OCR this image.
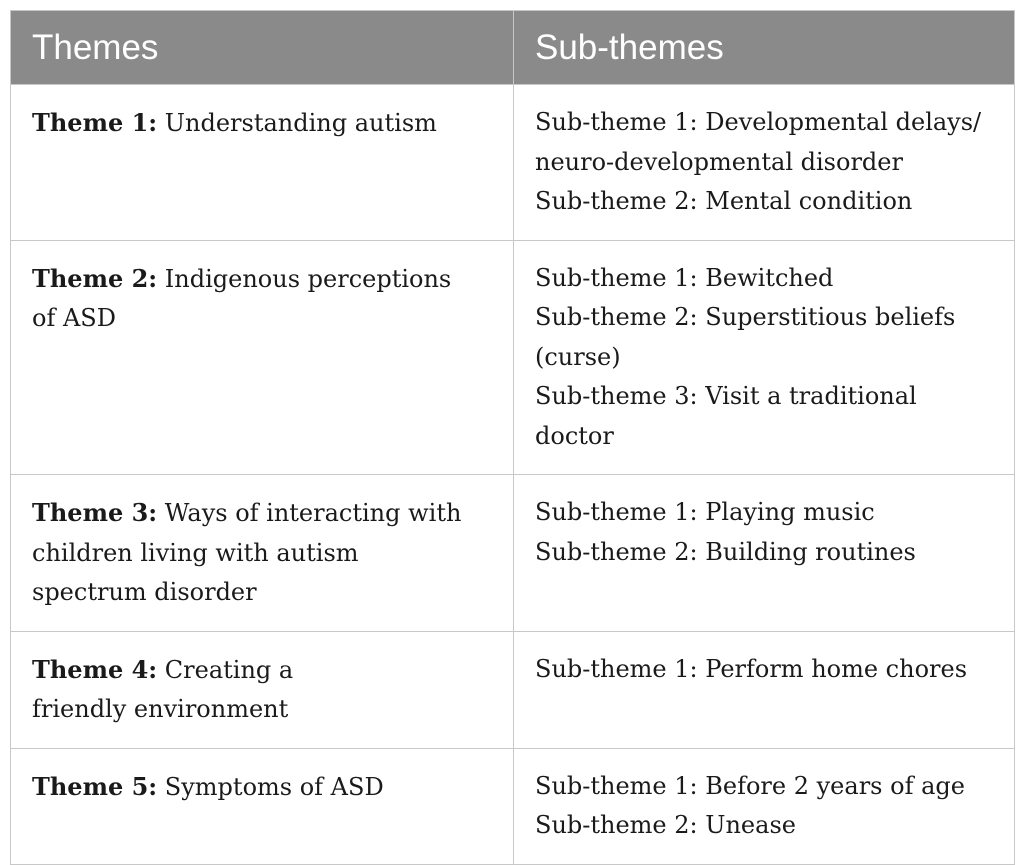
Themes	Sub-themes

Theme 1: Understanding autism	Sub-theme 1: Developmental delays/
neuro-developmental disorder
Sub-theme 2: Mental condition

Theme 2: Indigenous perceptions
of ASD	Sub-theme 1: Bewitched
Sub-theme 2: Superstitious beliefs
(curse)
Sub-theme 3: Visit a traditional doctor

Theme 3: Ways of interacting with
children living with autism
spectrum disorder	Sub-theme 1: Playing music
Sub-theme 2: Building routines

Theme 4: Creating a
friendly environment	Sub-theme 1: Perform home chores

Theme 5: Symptoms of ASD	Sub-theme 1: Before 2 years of age
Sub-theme 2: Unease
